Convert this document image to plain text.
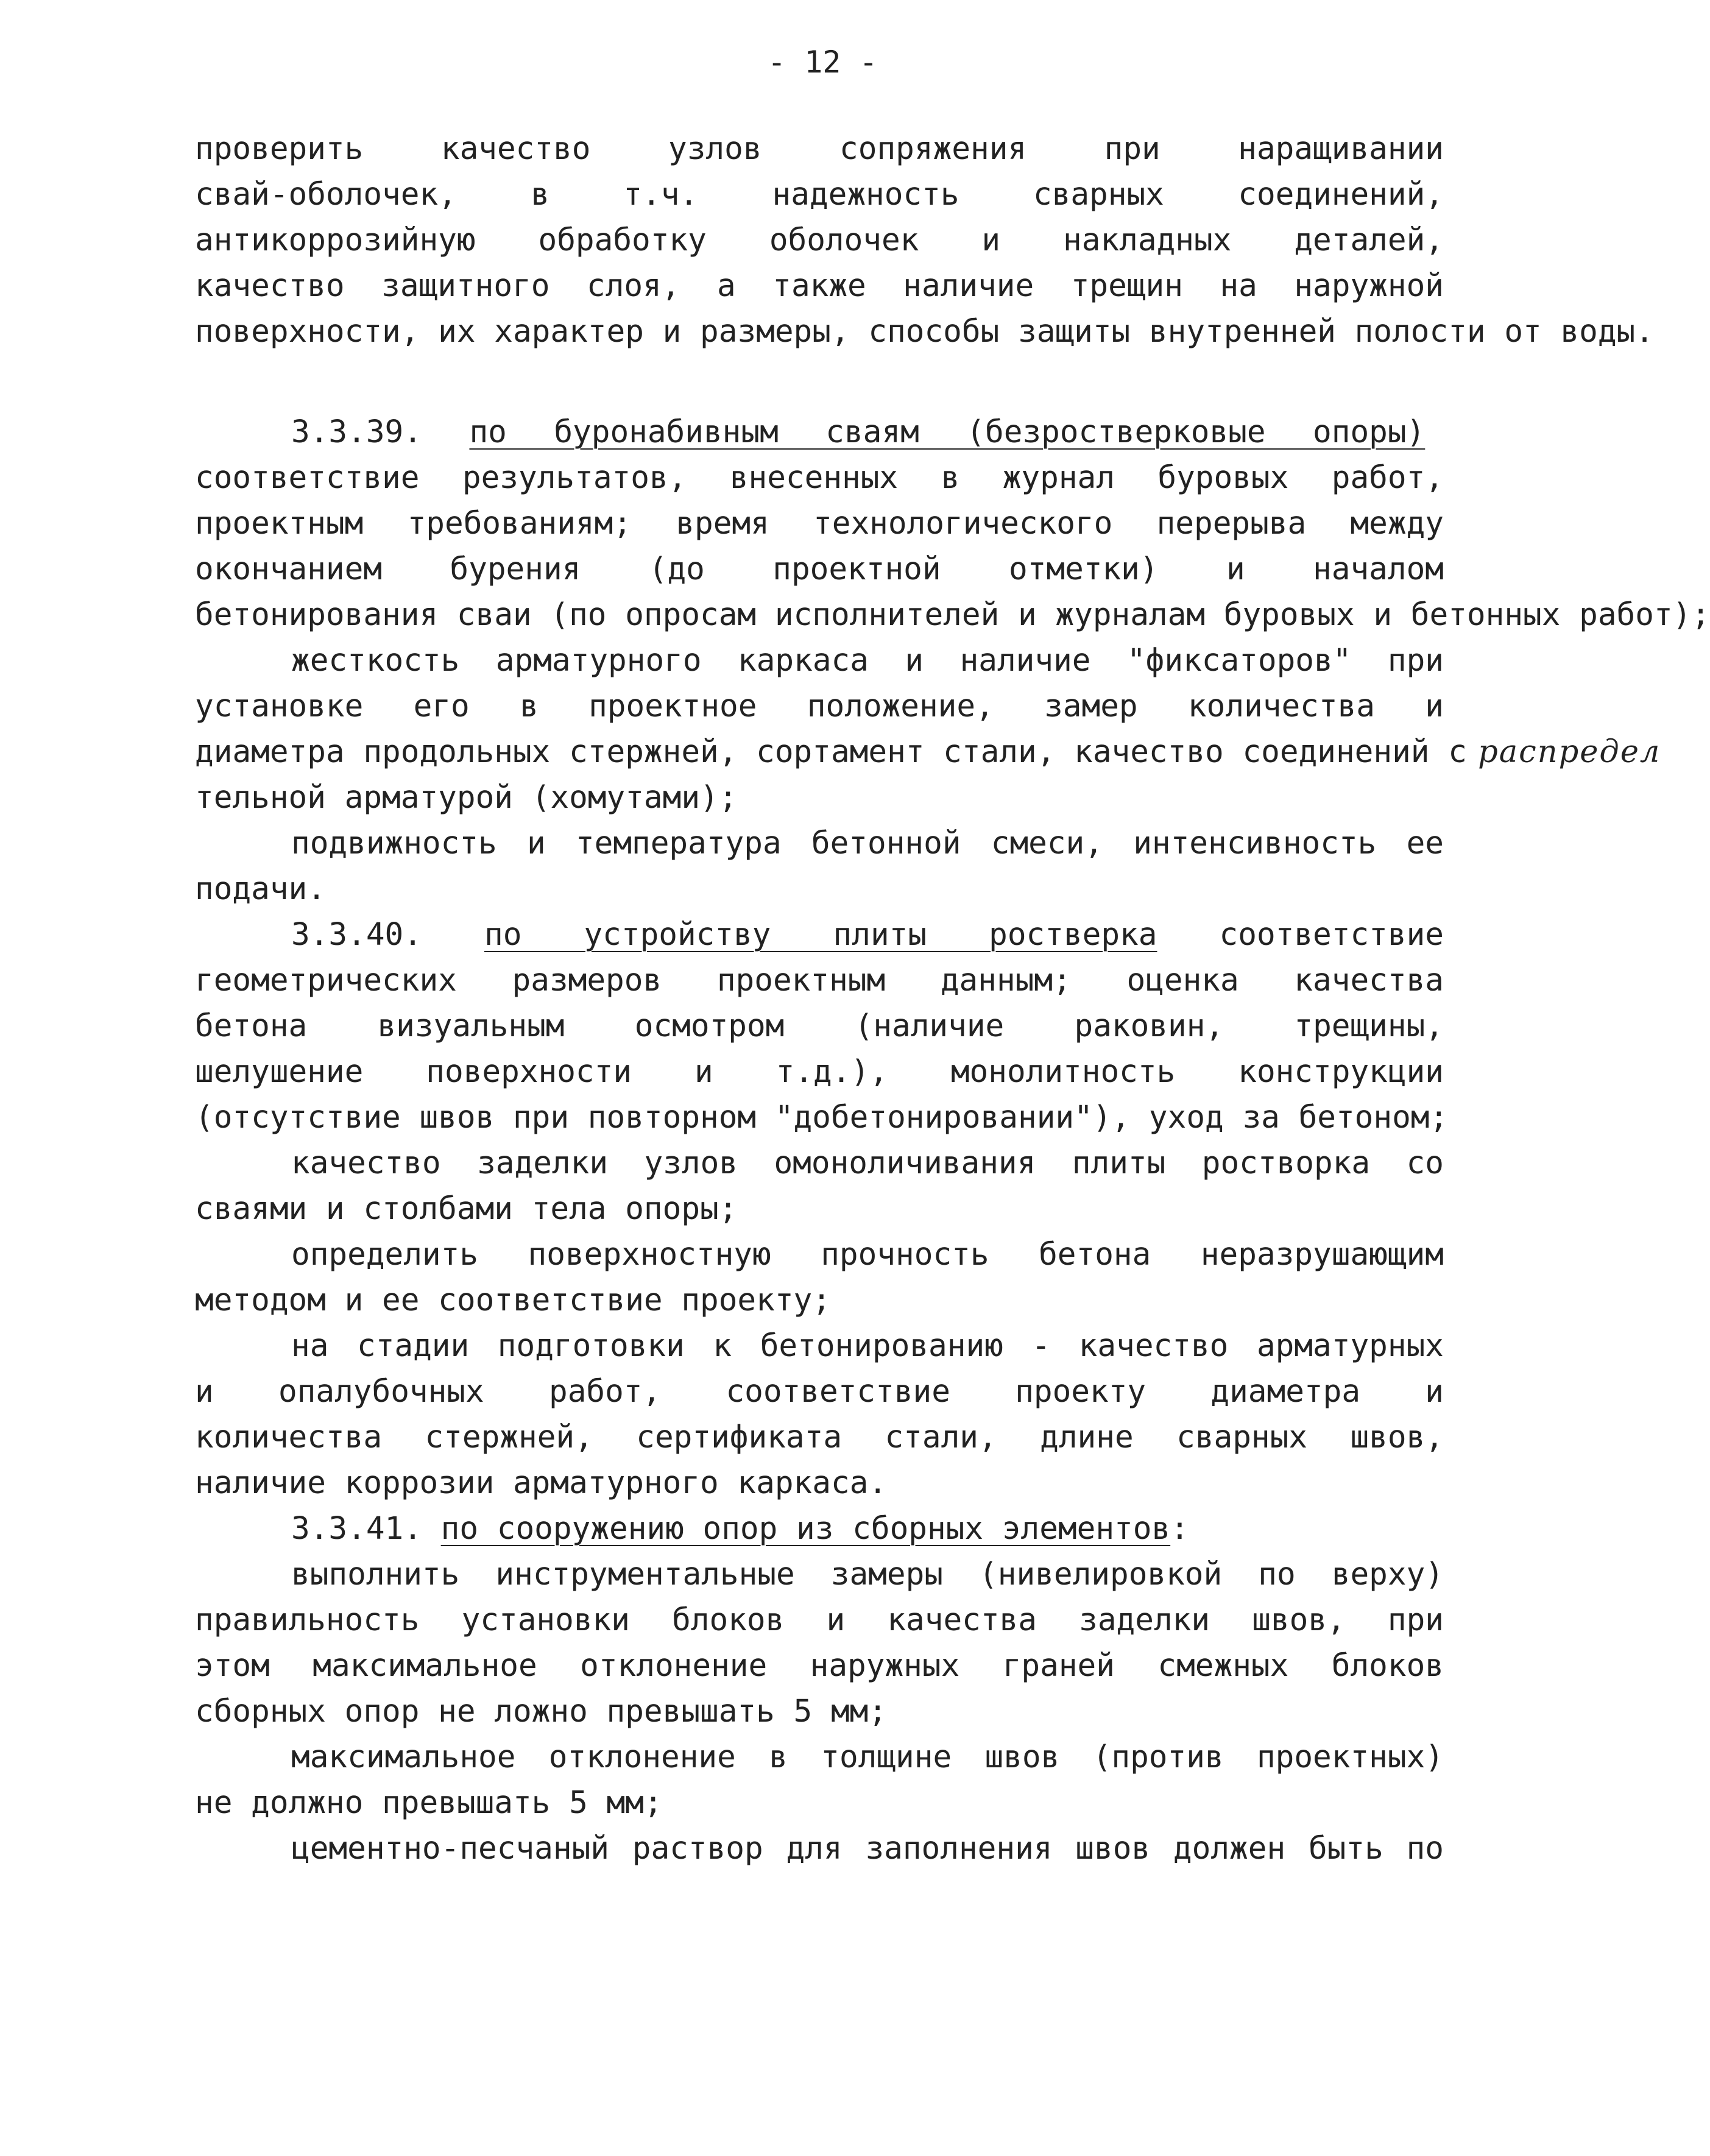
- 12 -
проверить качество узлов сопряжения при наращивании
свай-оболочек, в т.ч. надежность сварных соединений,
антикоррозийную обработку оболочек и накладных деталей,
качество защитного слоя, а также наличие трещин на наружной
поверхности, их характер и размеры, способы защиты внутренней полости от воды.
3.3.39. по буронабивным сваям (безростверковые опоры)
соответствие результатов, внесенных в журнал буровых работ,
проектным требованиям; время технологического перерыва между
окончанием бурения (до проектной отметки) и началом
бетонирования сваи (по опросам исполнителей и журналам буровых и бетонных работ);
жесткость арматурного каркаса и наличие "фиксаторов" при
установке его в проектное положение, замер количества и
диаметра продольных стержней, сортамент стали, качество соединений с распредел
тельной арматурой (хомутами);
подвижность и температура бетонной смеси, интенсивность ее
подачи.
3.3.40. по устройству плиты ростверка соответствие
геометрических размеров проектным данным; оценка качества
бетона визуальным осмотром (наличие раковин, трещины,
шелушение поверхности и т.д.), монолитность конструкции
(отсутствие швов при повторном "добетонировании"), уход за бетоном;
качество заделки узлов омоноличивания плиты ростворка со
сваями и столбами тела опоры;
определить поверхностную прочность бетона неразрушающим
методом и ее соответствие проекту;
на стадии подготовки к бетонированию - качество арматурных
и опалубочных работ, соответствие проекту диаметра и
количества стержней, сертификата стали, длине сварных швов,
наличие коррозии арматурного каркаса.
3.3.41. по сооружению опор из сборных элементов:
выполнить инструментальные замеры (нивелировкой по верху)
правильность установки блоков и качества заделки швов, при
этом максимальное отклонение наружных граней смежных блоков
сборных опор не ложно превышать 5 мм;
максимальное отклонение в толщине швов (против проектных)
не должно превышать 5 мм;
цементно-песчаный раствор для заполнения швов должен быть по
